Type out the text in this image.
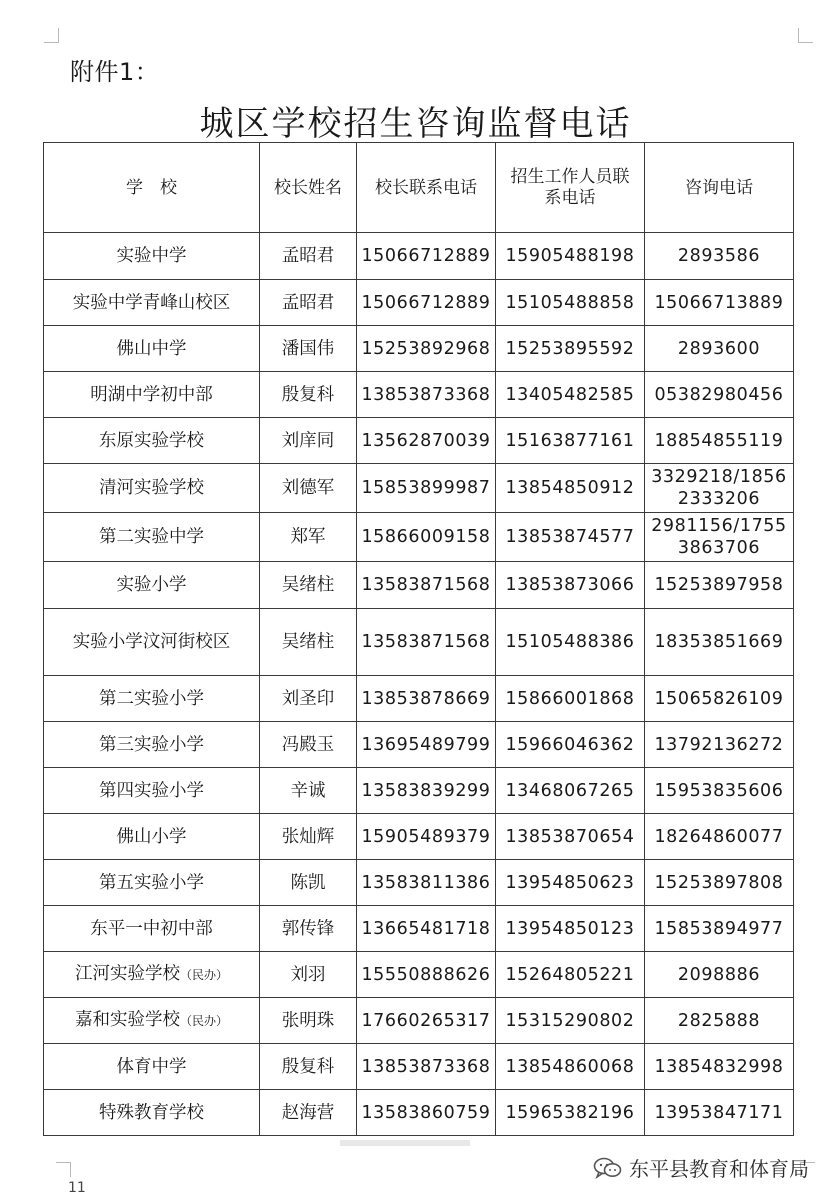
附件1：
城区学校招生咨询监督电话
学　校	校长姓名	校长联系电话	招生工作人员联系电话	咨询电话
实验中学	孟昭君	15066712889	15905488198	2893586
实验中学青峰山校区	孟昭君	15066712889	15105488858	15066713889
佛山中学	潘国伟	15253892968	15253895592	2893600
明湖中学初中部	殷复科	13853873368	13405482585	05382980456
东原实验学校	刘庠同	13562870039	15163877161	18854855119
清河实验学校	刘德军	15853899987	13854850912	3329218/18562333206
第二实验中学	郑军	15866009158	13853874577	2981156/17553863706
实验小学	吴绪柱	13583871568	13853873066	15253897958
实验小学汶河街校区	吴绪柱	13583871568	15105488386	18353851669
第二实验小学	刘圣印	13853878669	15866001868	15065826109
第三实验小学	冯殿玉	13695489799	15966046362	13792136272
第四实验小学	辛诚	13583839299	13468067265	15953835606
佛山小学	张灿辉	15905489379	13853870654	18264860077
第五实验小学	陈凯	13583811386	13954850623	15253897808
东平一中初中部	郭传锋	13665481718	13954850123	15853894977
江河实验学校（民办）	刘羽	15550888626	15264805221	2098886
嘉和实验学校（民办）	张明珠	17660265317	15315290802	2825888
体育中学	殷复科	13853873368	13854860068	13854832998
特殊教育学校	赵海营	13583860759	15965382196	13953847171
11
东平县教育和体育局
